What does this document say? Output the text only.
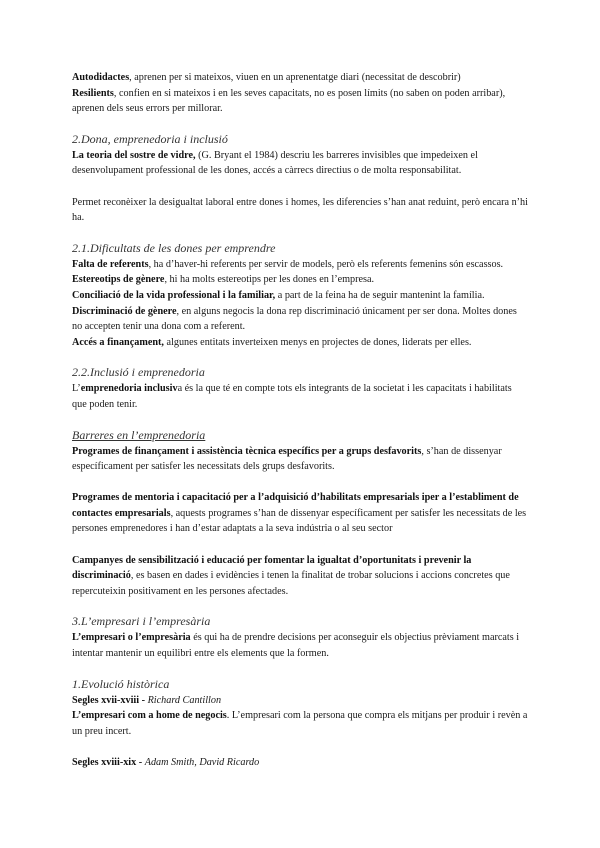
Autodidactes, aprenen per si mateixos, viuen en un aprenentatge diari (necessitat de descobrir)

Resilients, confien en si mateixos i en les seves capacitats, no es posen límits (no saben on poden arribar), aprenen dels seus errors per millorar.

2.Dona, emprenedoria i inclusió

La teoria del sostre de vidre, (G. Bryant el 1984) descriu les barreres invisibles que impedeixen el desenvolupament professional de les dones, accés a càrrecs directius o de molta responsabilitat.

Permet reconèixer la desigualtat laboral entre dones i homes, les diferencies s’han anat reduint, però encara n’hi ha.

2.1.Dificultats de les dones per emprendre

Falta de referents, ha d’haver-hi referents per servir de models, però els referents femenins són escassos.

Estereotips de gènere, hi ha molts estereotips per les dones en l’empresa.

Conciliació de la vida professional i la familiar, a part de la feina ha de seguir mantenint la família.

Discriminació de gènere, en alguns negocis la dona rep discriminació únicament per ser dona. Moltes dones no accepten tenir una dona com a referent.

Accés a finançament, algunes entitats inverteixen menys en projectes de dones, liderats per elles.

2.2.Inclusió i emprenedoria

L’emprenedoria inclusiva és la que té en compte tots els integrants de la societat i les capacitats i habilitats que poden tenir.

Barreres en l’emprenedoria

Programes de finançament i assistència tècnica específics per a grups desfavorits, s’han de dissenyar específicament per satisfer les necessitats dels grups desfavorits.

Programes de mentoria i capacitació per a l’adquisició d’habilitats empresarials iper a l’establiment de contactes empresarials, aquests programes s’han de dissenyar específicament per satisfer les necessitats de les persones emprenedores i han d’estar adaptats a la seva indústria o al seu sector

Campanyes de sensibilització i educació per fomentar la igualtat d’oportunitats i prevenir la discriminació, es basen en dades i evidències i tenen la finalitat de trobar solucions i accions concretes que repercuteixin positivament en les persones afectades.

3.L’empresari i l’empresària

L’empresari o l’empresària és qui ha de prendre decisions per aconseguir els objectius prèviament marcats i intentar mantenir un equilibri entre els elements que la formen.

1.Evolució històrica

Segles xvii-xviii - Richard Cantillon

L’empresari com a home de negocis. L’empresari com la persona que compra els mitjans per produir i revèn a un preu incert.

Segles xviii-xix - Adam Smith, David Ricardo
